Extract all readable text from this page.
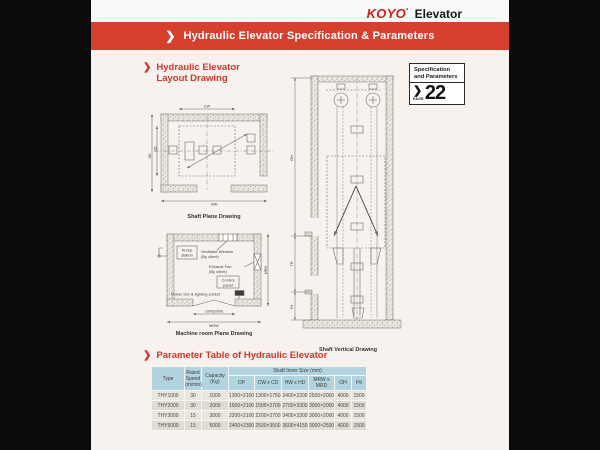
KOYO• Elevator
❯ Hydraulic Elevator Specification & Parameters
❯ Hydraulic Elevator
Layout Drawing
Specification
and Parameters
❯
PAGE 22
CW
HW
HD
CD
Shaft Plane Drawing
Pump
station
Ventilator Window
(By client)
Exhaust Fan
(By client)
Control
panel
Power box & lighting socket
1000(2000)
MRW
MRD
Machine room Plane Drawing
OH
TR
Pit
Shaft Vertical Drawing
❯ Parameter Table of Hydraulic Elevator
Type	Rated Speed (m/min)	Capacity (Kg)	Shaft Inner Size (mm)					
			OP	CW x CD	HW x HD	MRW x MRD	OH	Pit
THY1000	30	1000	1300×2100	1300×1750	2400×2200	2500×2000	4000	1500
THY2000	30	2000	1500×2100	1500×2700	2700×3300	3000×2000	4000	1500
THY3000	15	3000	2200×2100	2200×2700	3400×3300	3000×2000	4000	1500
THY5000	15	5000	2400×2300	2500×3500	3600×4150	3000×2500	4000	1500
